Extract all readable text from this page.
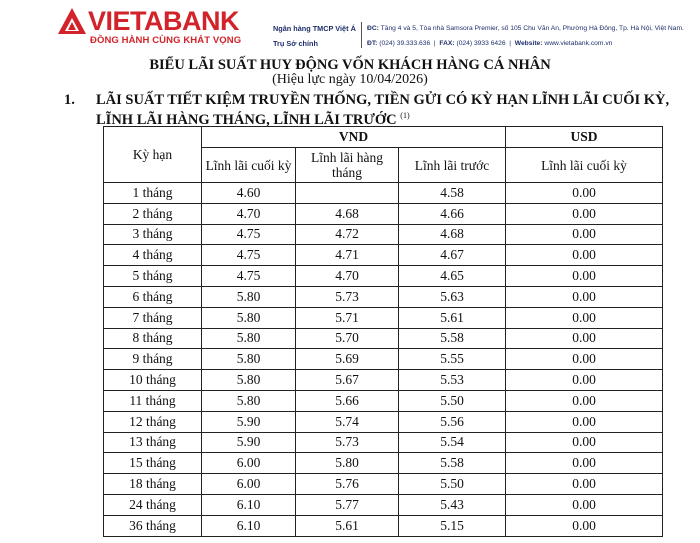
VIETABANK
ĐỒNG HÀNH CÙNG KHÁT VỌNG
Ngân hàng TMCP Việt Á
Trụ Sở chính
ĐC: Tầng 4 và 5, Tòa nhà Samsora Premier, số 105 Chu Văn An, Phường Hà Đông, Tp. Hà Nội, Việt Nam.
ĐT: (024) 39.333.636  |  FAX: (024) 3933 6426  |  Website: www.vietabank.com.vn
BIỂU LÃI SUẤT HUY ĐỘNG VỐN KHÁCH HÀNG CÁ NHÂN
(Hiệu lực ngày 10/04/2026)
1. LÃI SUẤT TIẾT KIỆM TRUYỀN THỐNG, TIỀN GỬI CÓ KỲ HẠN LĨNH LÃI CUỐI KỲ, LĨNH LÃI HÀNG THÁNG, LĨNH LÃI TRƯỚC $^{(1)}$
Kỳ hạn	VND			USD
	Lĩnh lãi cuối kỳ	Lĩnh lãi hàng tháng	Lĩnh lãi trước	Lĩnh lãi cuối kỳ
1 tháng	4.60		4.58	0.00
2 tháng	4.70	4.68	4.66	0.00
3 tháng	4.75	4.72	4.68	0.00
4 tháng	4.75	4.71	4.67	0.00
5 tháng	4.75	4.70	4.65	0.00
6 tháng	5.80	5.73	5.63	0.00
7 tháng	5.80	5.71	5.61	0.00
8 tháng	5.80	5.70	5.58	0.00
9 tháng	5.80	5.69	5.55	0.00
10 tháng	5.80	5.67	5.53	0.00
11 tháng	5.80	5.66	5.50	0.00
12 tháng	5.90	5.74	5.56	0.00
13 tháng	5.90	5.73	5.54	0.00
15 tháng	6.00	5.80	5.58	0.00
18 tháng	6.00	5.76	5.50	0.00
24 tháng	6.10	5.77	5.43	0.00
36 tháng	6.10	5.61	5.15	0.00
